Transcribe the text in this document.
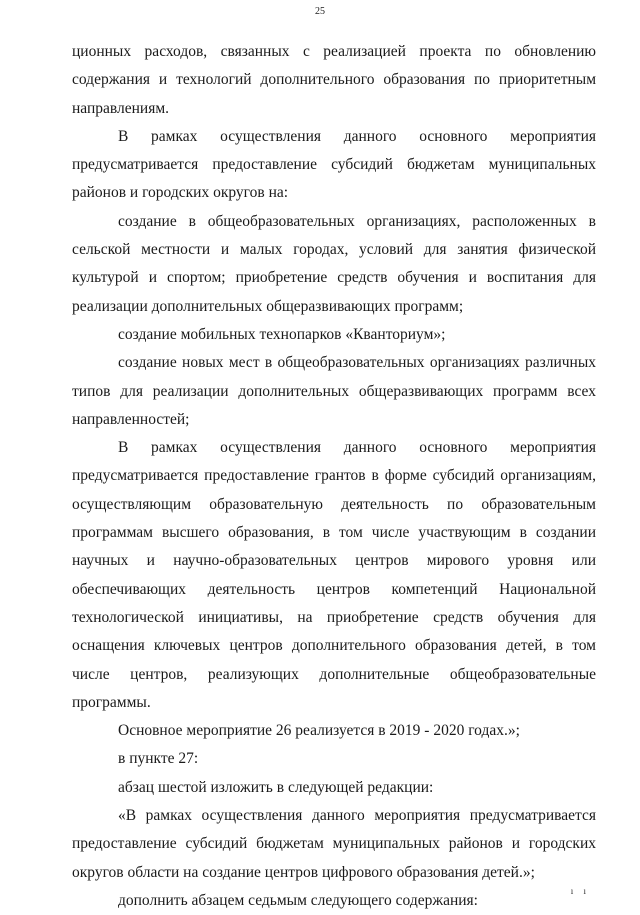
25

ционных расходов, связанных с реализацией проекта по обновлению содержания и технологий дополнительного образования по приоритетным направлениям.

В рамках осуществления данного основного мероприятия предусматривается предоставление субсидий бюджетам муниципальных районов и городских округов на:

создание в общеобразовательных организациях, расположенных в сельской местности и малых городах, условий для занятия физической культурой и спортом; приобретение средств обучения и воспитания для реализации дополнительных общеразвивающих программ;

создание мобильных технопарков «Кванториум»;

создание новых мест в общеобразовательных организациях различных типов для реализации дополнительных общеразвивающих программ всех направленностей;

В рамках осуществления данного основного мероприятия предусматривается предоставление грантов в форме субсидий организациям, осуществляющим образовательную деятельность по образовательным программам высшего образования, в том числе участвующим в создании научных и научно-образовательных центров мирового уровня или обеспечивающих деятельность центров компетенций Национальной технологической инициативы, на приобретение средств обучения для оснащения ключевых центров дополнительного образования детей, в том числе центров, реализующих дополнительные общеобразовательные программы.

Основное мероприятие 26 реализуется в 2019 - 2020 годах.»;

в пункте 27:

абзац шестой изложить в следующей редакции:

«В рамках осуществления данного мероприятия предусматривается предоставление субсидий бюджетам муниципальных районов и городских округов области на создание центров цифрового образования детей.»;

дополнить абзацем седьмым следующего содержания:

ı ı
